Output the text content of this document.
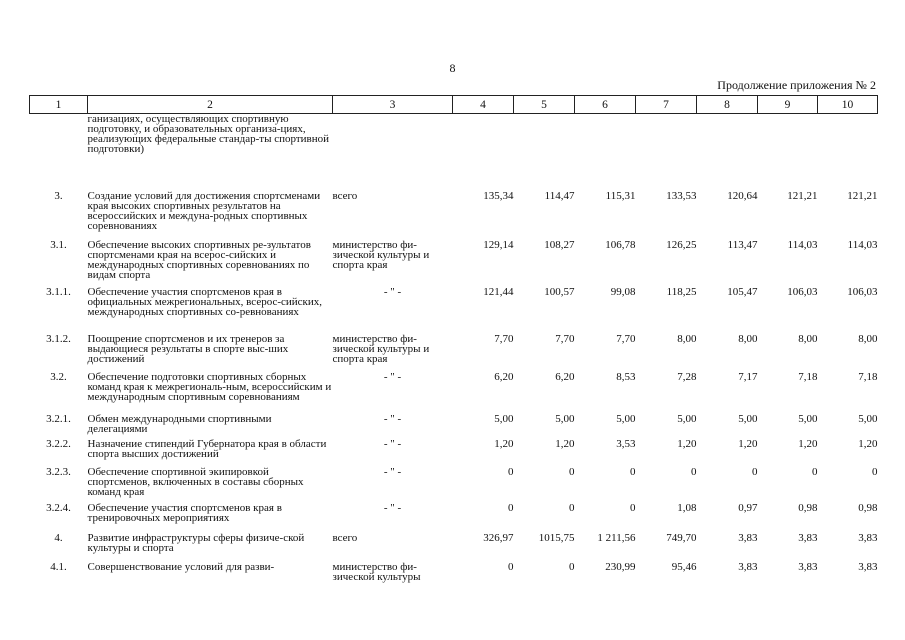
8
Продолжение приложения № 2
1	2	3	4	5	6	7	8	9	10
	ганизациях, осуществляющих спортивную подготовку, и образовательных организа-циях, реализующих федеральные стандар-ты спортивной подготовки)								
3.	Создание условий для достижения спортсменами края высоких спортивных результатов на всероссийских и междуна-родных спортивных соревнованиях	всего	135,34	114,47	115,31	133,53	120,64	121,21	121,21
3.1.	Обеспечение высоких спортивных ре-зультатов спортсменами края на всерос-сийских и международных спортивных соревнованиях по видам спорта	министерство фи-зической культуры и спорта края	129,14	108,27	106,78	126,25	113,47	114,03	114,03
3.1.1.	Обеспечение участия спортсменов края в официальных межрегиональных, всерос-сийских, международных спортивных со-ревнованиях	- " -	121,44	100,57	99,08	118,25	105,47	106,03	106,03
3.1.2.	Поощрение спортсменов и их тренеров за выдающиеся результаты в спорте выс-ших достижений	министерство фи-зической культуры и спорта края	7,70	7,70	7,70	8,00	8,00	8,00	8,00
3.2.	Обеспечение подготовки спортивных сборных команд края к межрегиональ-ным, всероссийским и международным спортивным соревнованиям	- " -	6,20	6,20	8,53	7,28	7,17	7,18	7,18
3.2.1.	Обмен международными спортивными делегациями	- " -	5,00	5,00	5,00	5,00	5,00	5,00	5,00
3.2.2.	Назначение стипендий Губернатора края в области спорта высших достижений	- " -	1,20	1,20	3,53	1,20	1,20	1,20	1,20
3.2.3.	Обеспечение спортивной экипировкой спортсменов, включенных в составы сборных команд края	- " -	0	0	0	0	0	0	0
3.2.4.	Обеспечение участия спортсменов края в тренировочных мероприятиях	- " -	0	0	0	1,08	0,97	0,98	0,98
4.	Развитие инфраструктуры сферы физиче-ской культуры и спорта	всего	326,97	1015,75	1 211,56	749,70	3,83	3,83	3,83
4.1.	Совершенствование условий для разви-	министерство фи-зической культуры	0	0	230,99	95,46	3,83	3,83	3,83
